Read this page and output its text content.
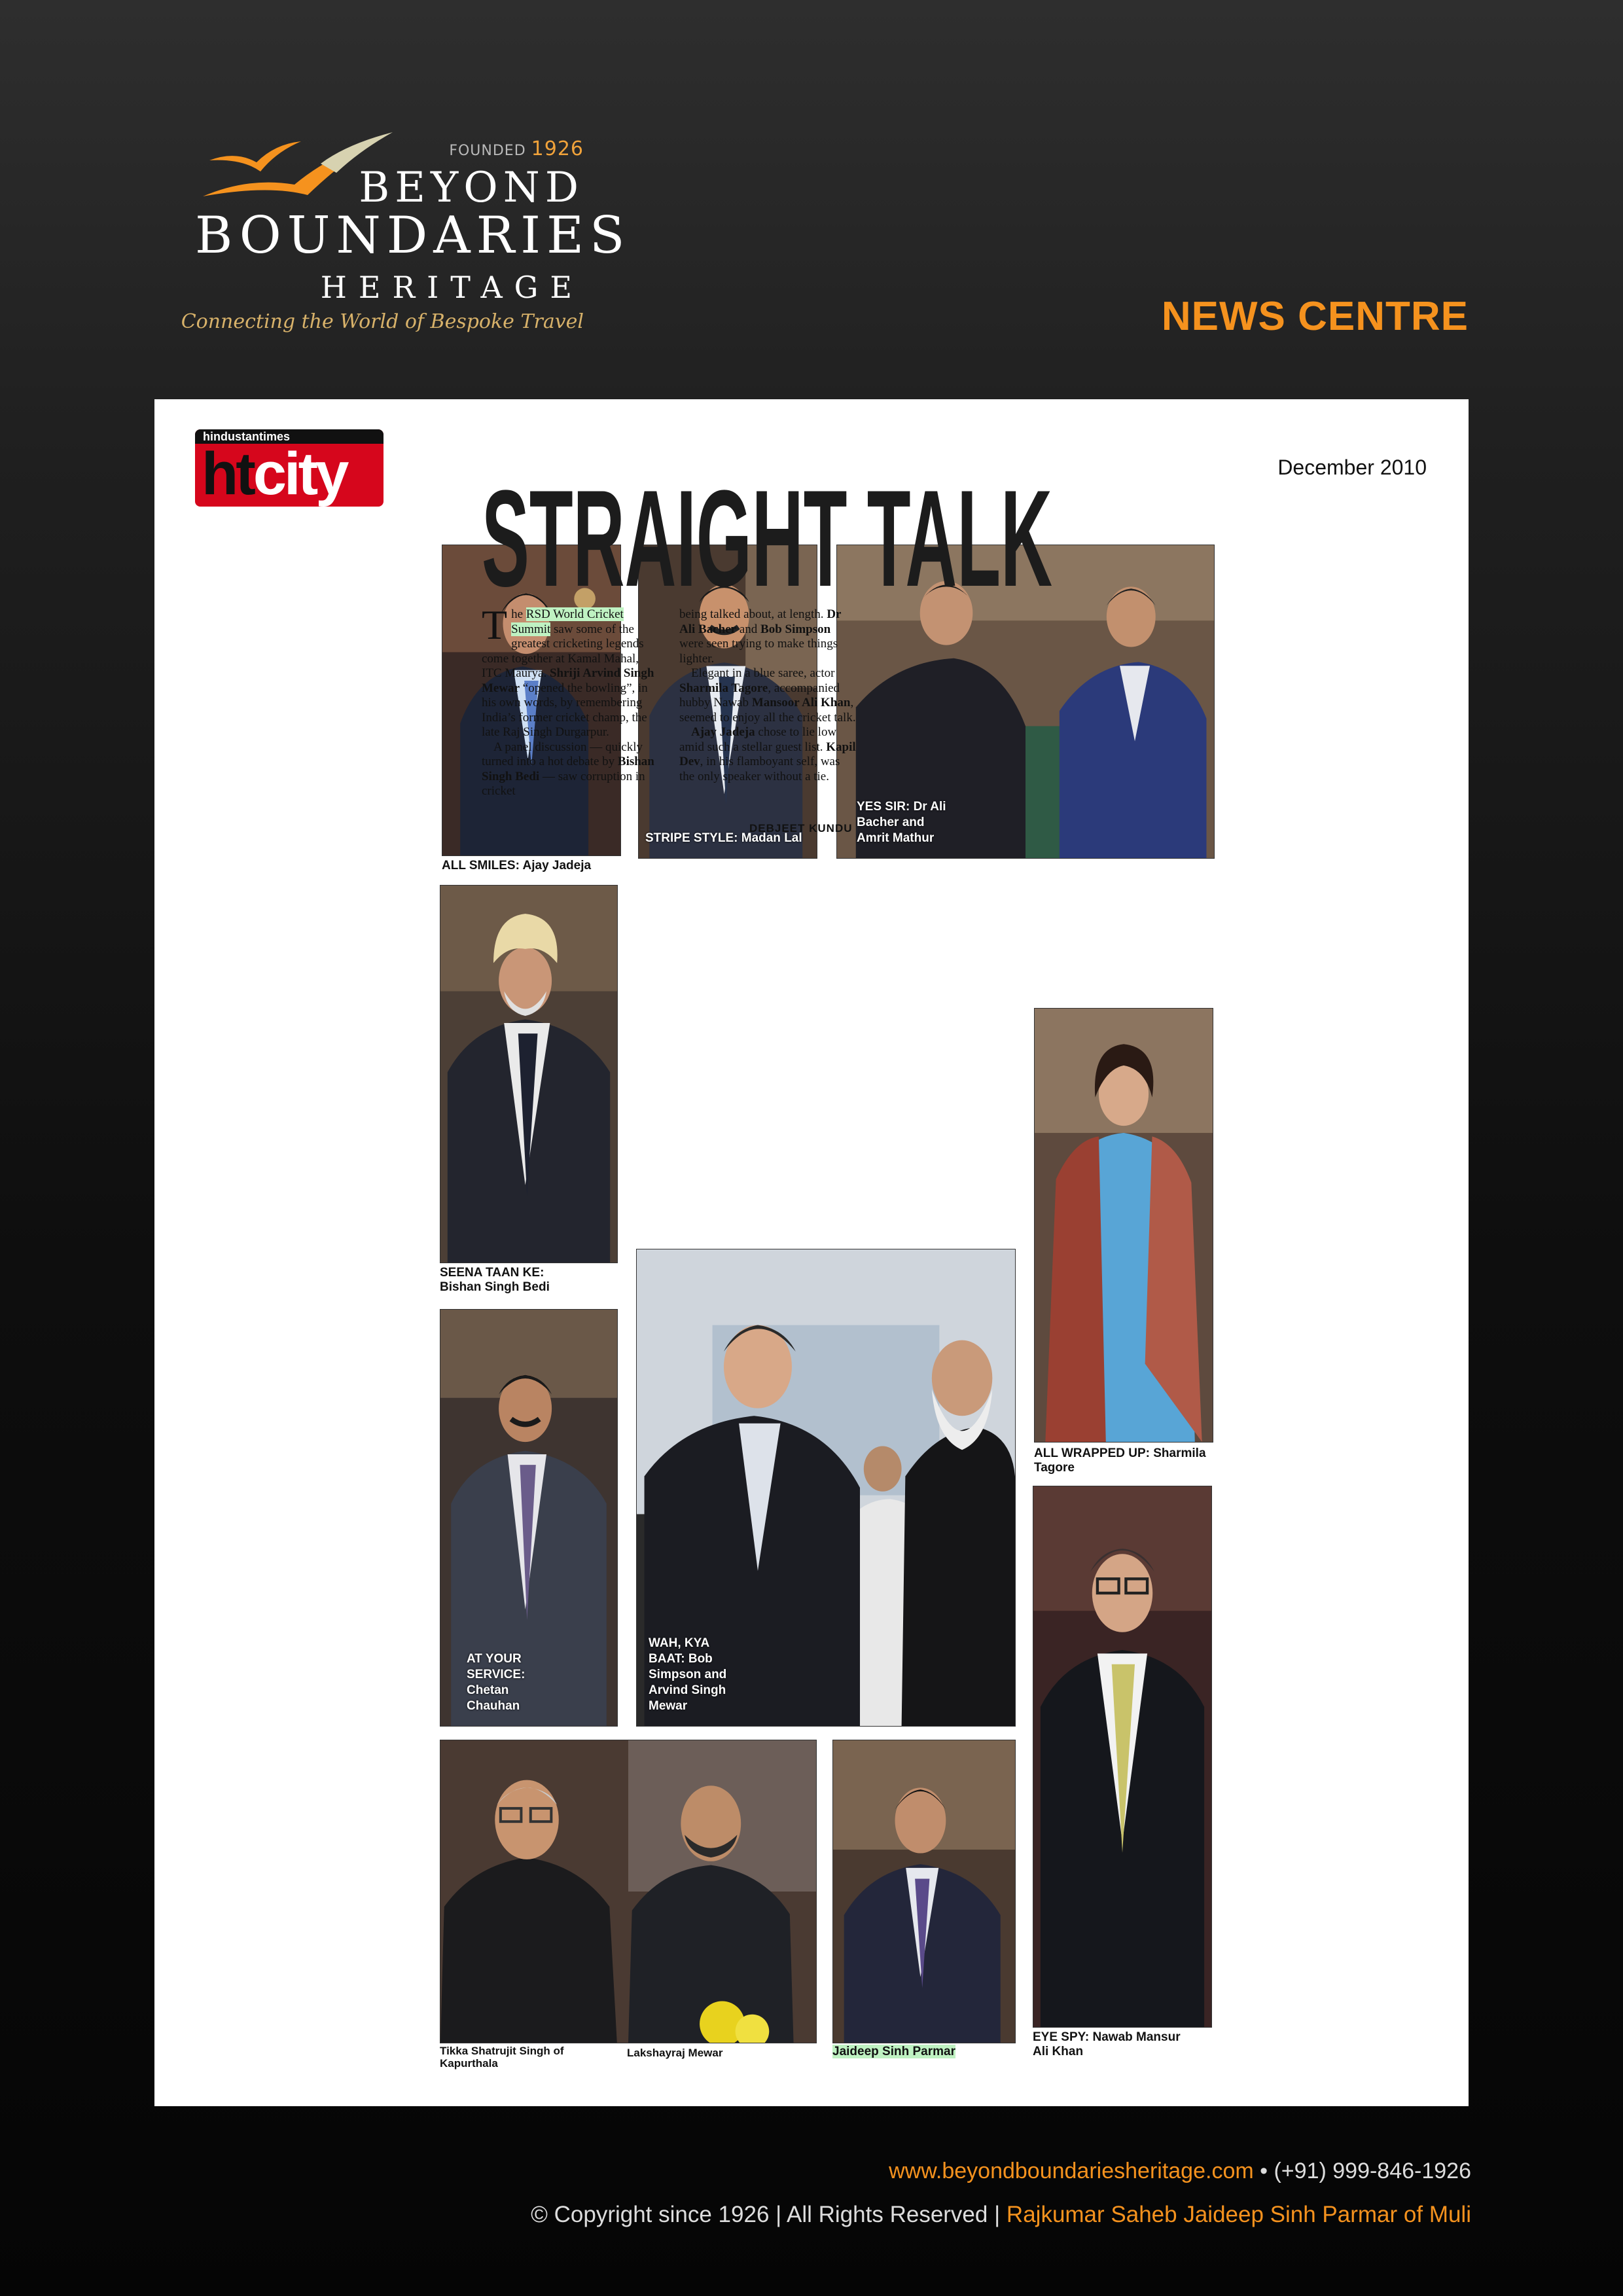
FOUNDED 1926
BEYOND
BOUNDARIES
HERITAGE
Connecting the World of Bespoke Travel	NEWS CENTRE
hindustantimes
htcity	December 2010
ALL SMILES: Ajay Jadeja
STRIPE STYLE: Madan Lal
YES SIR: Dr Ali
Bacher and
Amrit Mathur
SEENA TAAN KE:
Bishan Singh Bedi
STRAIGHT TALK

The RSD World Cricket Summit saw some of the greatest cricketing legends come together at Kamal Mahal, ITC Maurya. Shriji Arvind Singh Mewar “opened the bowling”, in his own words, by remembering India’s former cricket champ, the late Raj Singh Durgarpur.

A panel discussion — quickly turned into a hot debate by Bishan Singh Bedi — saw corruption in cricket

being talked about, at length. Dr Ali Bacher and Bob Simpson were seen trying to make things lighter.

Elegant in a blue saree, actor Sharmila Tagore, accompanied hubby Nawab Mansoor Ali Khan, seemed to enjoy all the cricket talk.

Ajay Jadeja chose to lie low amid such a stellar guest list. Kapil Dev, in his flamboyant self, was the only speaker without a tie.

DEBJEET KUNDU
ALL WRAPPED UP: Sharmila
Tagore
AT YOUR
SERVICE:
Chetan
Chauhan
WAH, KYA
BAAT: Bob
Simpson and
Arvind Singh
Mewar
EYE SPY: Nawab Mansur
Ali Khan
Tikka Shatrujit Singh of
Kapurthala
Lakshayraj Mewar	Jaideep Sinh Parmar
www.beyondboundariesheritage.com • (+91) 999-846-1926
© Copyright since 1926 | All Rights Reserved | Rajkumar Saheb Jaideep Sinh Parmar of Muli
